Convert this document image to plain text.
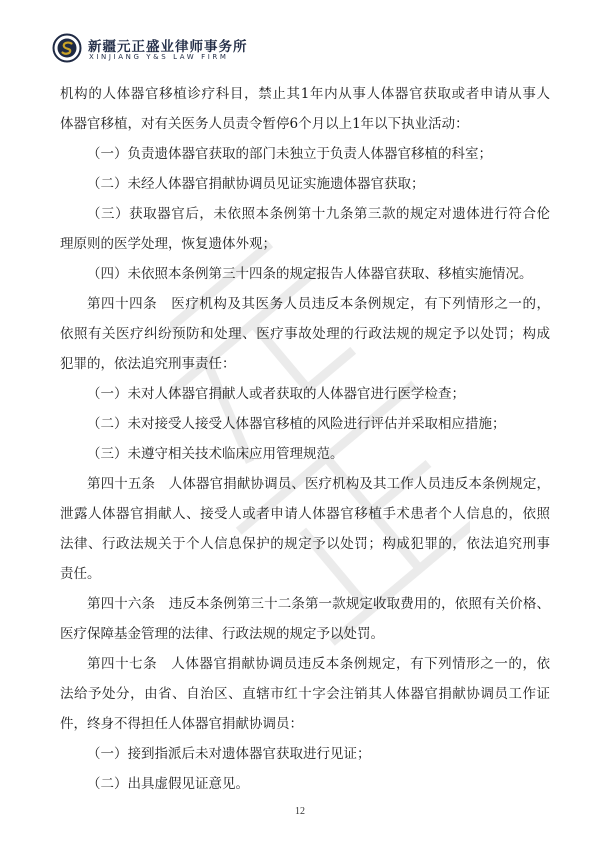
新疆元正盛业律师事务所
XINJIANG Y&S LAW FIRM
机构的人体器官移植诊疗科目，禁止其1年内从事人体器官获取或者申请从事人
体器官移植，对有关医务人员责令暂停6个月以上1年以下执业活动：
（一）负责遗体器官获取的部门未独立于负责人体器官移植的科室；
（二）未经人体器官捐献协调员见证实施遗体器官获取；
（三）获取器官后，未依照本条例第十九条第三款的规定对遗体进行符合伦
理原则的医学处理，恢复遗体外观；
（四）未依照本条例第三十四条的规定报告人体器官获取、移植实施情况。
第四十四条　医疗机构及其医务人员违反本条例规定，有下列情形之一的，
依照有关医疗纠纷预防和处理、医疗事故处理的行政法规的规定予以处罚；构成
犯罪的，依法追究刑事责任：
（一）未对人体器官捐献人或者获取的人体器官进行医学检查；
（二）未对接受人接受人体器官移植的风险进行评估并采取相应措施；
（三）未遵守相关技术临床应用管理规范。
第四十五条　人体器官捐献协调员、医疗机构及其工作人员违反本条例规定，
泄露人体器官捐献人、接受人或者申请人体器官移植手术患者个人信息的，依照
法律、行政法规关于个人信息保护的规定予以处罚；构成犯罪的，依法追究刑事
责任。
第四十六条　违反本条例第三十二条第一款规定收取费用的，依照有关价格、
医疗保障基金管理的法律、行政法规的规定予以处罚。
第四十七条　人体器官捐献协调员违反本条例规定，有下列情形之一的，依
法给予处分，由省、自治区、直辖市红十字会注销其人体器官捐献协调员工作证
件，终身不得担任人体器官捐献协调员：
（一）接到指派后未对遗体器官获取进行见证；
（二）出具虚假见证意见。
12
